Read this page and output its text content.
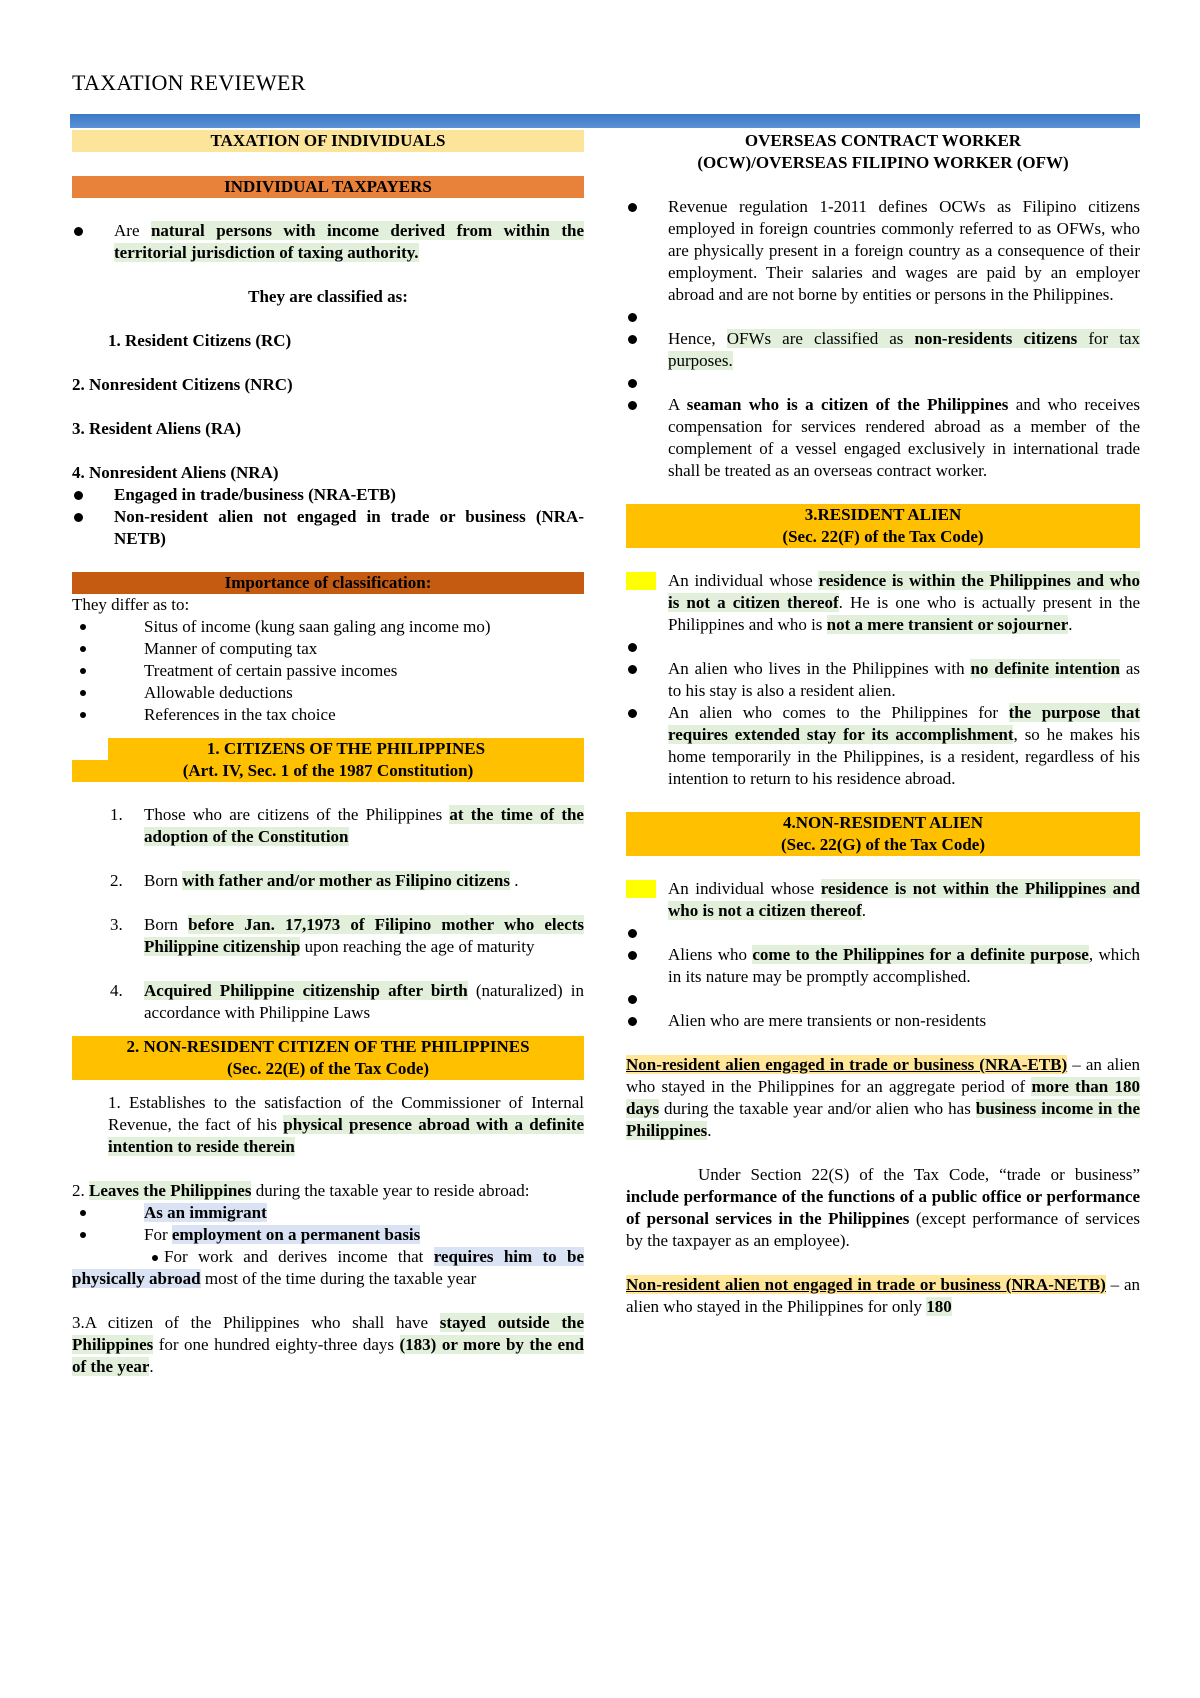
TAXATION REVIEWER
TAXATION OF INDIVIDUALS
INDIVIDUAL TAXPAYERS
Are natural persons with income derived from within the territorial jurisdiction of taxing authority.

They are classified as:

1. Resident Citizens (RC)

2. Nonresident Citizens (NRC)

3. Resident Aliens (RA)

4. Nonresident Aliens (NRA)

Engaged in trade/business (NRA-ETB)
Non-resident alien not engaged in trade or business (NRA-NETB)
Importance of classification:

They differ as to:

Situs of income (kung saan galing ang income mo)
Manner of computing tax
Treatment of certain passive incomes
Allowable deductions
References in the tax choice
1. CITIZENS OF THE PHILIPPINES
(Art. IV, Sec. 1 of the 1987 Constitution)
1. Those who are citizens of the Philippines at the time of the adoption of the Constitution
2. Born with father and/or mother as Filipino citizens .
3. Born before Jan. 17,1973 of Filipino mother who elects Philippine citizenship upon reaching the age of maturity
4. Acquired Philippine citizenship after birth (naturalized) in accordance with Philippine Laws
2. NON-RESIDENT CITIZEN OF THE PHILIPPINES
(Sec. 22(E) of the Tax Code)

1. Establishes to the satisfaction of the Commissioner of Internal Revenue, the fact of his physical presence abroad with a definite intention to reside therein

2. Leaves the Philippines during the taxable year to reside abroad:

As an immigrant
For employment on a permanent basis

For work and derives income that requires him to be physically abroad most of the time during the taxable year

3.A citizen of the Philippines who shall have stayed outside the Philippines for one hundred eighty-three days (183) or more by the end of the year.

OVERSEAS CONTRACT WORKER
(OCW)/OVERSEAS FILIPINO WORKER (OFW)
Revenue regulation 1-2011 defines OCWs as Filipino citizens employed in foreign countries commonly referred to as OFWs, who are physically present in a foreign country as a consequence of their employment. Their salaries and wages are paid by an employer abroad and are not borne by entities or persons in the Philippines.
Hence, OFWs are classified as non-residents citizens for tax purposes.
A seaman who is a citizen of the Philippines and who receives compensation for services rendered abroad as a member of the complement of a vessel engaged exclusively in international trade shall be treated as an overseas contract worker.
3.RESIDENT ALIEN
(Sec. 22(F) of the Tax Code)
An individual whose residence is within the Philippines and who is not a citizen thereof. He is one who is actually present in the Philippines and who is not a mere transient or sojourner.
An alien who lives in the Philippines with no definite intention as to his stay is also a resident alien.
An alien who comes to the Philippines for the purpose that requires extended stay for its accomplishment, so he makes his home temporarily in the Philippines, is a resident, regardless of his intention to return to his residence abroad.
4.NON-RESIDENT ALIEN
(Sec. 22(G) of the Tax Code)
An individual whose residence is not within the Philippines and who is not a citizen thereof.
Aliens who come to the Philippines for a definite purpose, which in its nature may be promptly accomplished.
Alien who are mere transients or non-residents

Non-resident alien engaged in trade or business (NRA-ETB) – an alien who stayed in the Philippines for an aggregate period of more than 180 days during the taxable year and/or alien who has business income in the Philippines.

Under Section 22(S) of the Tax Code, “trade or business” include performance of the functions of a public office or performance of personal services in the Philippines (except performance of services by the taxpayer as an employee).

Non-resident alien not engaged in trade or business (NRA-NETB) – an alien who stayed in the Philippines for only 180
